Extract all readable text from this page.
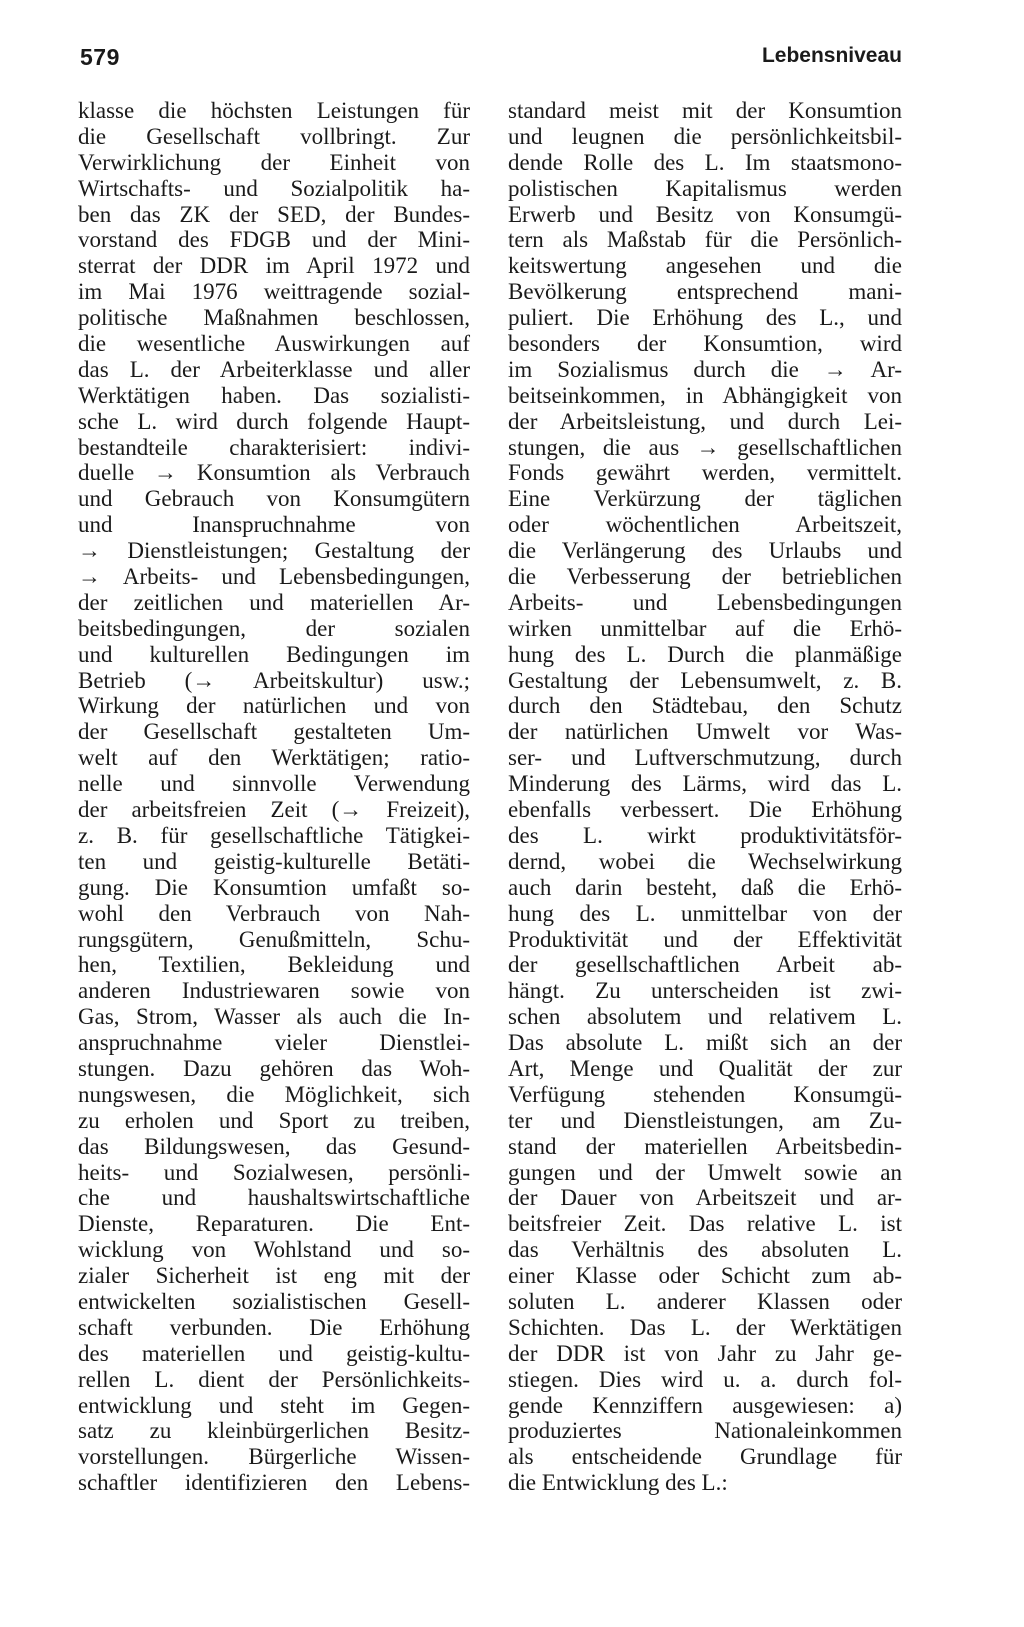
579	Lebensniveau
klasse die höchsten Leistungen für
die Gesellschaft vollbringt. Zur
Verwirklichung der Einheit von
Wirtschafts- und Sozialpolitik ha-
ben das ZK der SED, der Bundes-
vorstand des FDGB und der Mini-
sterrat der DDR im April 1972 und
im Mai 1976 weittragende sozial-
politische Maßnahmen beschlossen,
die wesentliche Auswirkungen auf
das L. der Arbeiterklasse und aller
Werktätigen haben. Das sozialisti-
sche L. wird durch folgende Haupt-
bestandteile charakterisiert: indivi-
duelle → Konsumtion als Verbrauch
und Gebrauch von Konsumgütern
und Inanspruchnahme von
→ Dienstleistungen; Gestaltung der
→ Arbeits- und Lebensbedingungen,
der zeitlichen und materiellen Ar-
beitsbedingungen, der sozialen
und kulturellen Bedingungen im
Betrieb (→ Arbeitskultur) usw.;
Wirkung der natürlichen und von
der Gesellschaft gestalteten Um-
welt auf den Werktätigen; ratio-
nelle und sinnvolle Verwendung
der arbeitsfreien Zeit (→ Freizeit),
z. B. für gesellschaftliche Tätigkei-
ten und geistig-kulturelle Betäti-
gung. Die Konsumtion umfaßt so-
wohl den Verbrauch von Nah-
rungsgütern, Genußmitteln, Schu-
hen, Textilien, Bekleidung und
anderen Industriewaren sowie von
Gas, Strom, Wasser als auch die In-
anspruchnahme vieler Dienstlei-
stungen. Dazu gehören das Woh-
nungswesen, die Möglichkeit, sich
zu erholen und Sport zu treiben,
das Bildungswesen, das Gesund-
heits- und Sozialwesen, persönli-
che und haushaltswirtschaftliche
Dienste, Reparaturen. Die Ent-
wicklung von Wohlstand und so-
zialer Sicherheit ist eng mit der
entwickelten sozialistischen Gesell-
schaft verbunden. Die Erhöhung
des materiellen und geistig-kultu-
rellen L. dient der Persönlichkeits-
entwicklung und steht im Gegen-
satz zu kleinbürgerlichen Besitz-
vorstellungen. Bürgerliche Wissen-
schaftler identifizieren den Lebens-
standard meist mit der Konsumtion
und leugnen die persönlichkeitsbil-
dende Rolle des L. Im staatsmono-
polistischen Kapitalismus werden
Erwerb und Besitz von Konsumgü-
tern als Maßstab für die Persönlich-
keitswertung angesehen und die
Bevölkerung entsprechend mani-
puliert. Die Erhöhung des L., und
besonders der Konsumtion, wird
im Sozialismus durch die → Ar-
beitseinkommen, in Abhängigkeit von
der Arbeitsleistung, und durch Lei-
stungen, die aus → gesellschaftlichen
Fonds gewährt werden, vermittelt.
Eine Verkürzung der täglichen
oder wöchentlichen Arbeitszeit,
die Verlängerung des Urlaubs und
die Verbesserung der betrieblichen
Arbeits- und Lebensbedingungen
wirken unmittelbar auf die Erhö-
hung des L. Durch die planmäßige
Gestaltung der Lebensumwelt, z. B.
durch den Städtebau, den Schutz
der natürlichen Umwelt vor Was-
ser- und Luftverschmutzung, durch
Minderung des Lärms, wird das L.
ebenfalls verbessert. Die Erhöhung
des L. wirkt produktivitätsför-
dernd, wobei die Wechselwirkung
auch darin besteht, daß die Erhö-
hung des L. unmittelbar von der
Produktivität und der Effektivität
der gesellschaftlichen Arbeit ab-
hängt. Zu unterscheiden ist zwi-
schen absolutem und relativem L.
Das absolute L. mißt sich an der
Art, Menge und Qualität der zur
Verfügung stehenden Konsumgü-
ter und Dienstleistungen, am Zu-
stand der materiellen Arbeitsbedin-
gungen und der Umwelt sowie an
der Dauer von Arbeitszeit und ar-
beitsfreier Zeit. Das relative L. ist
das Verhältnis des absoluten L.
einer Klasse oder Schicht zum ab-
soluten L. anderer Klassen oder
Schichten. Das L. der Werktätigen
der DDR ist von Jahr zu Jahr ge-
stiegen. Dies wird u. a. durch fol-
gende Kennziffern ausgewiesen: a)
produziertes Nationaleinkommen
als entscheidende Grundlage für
die Entwicklung des L.:
